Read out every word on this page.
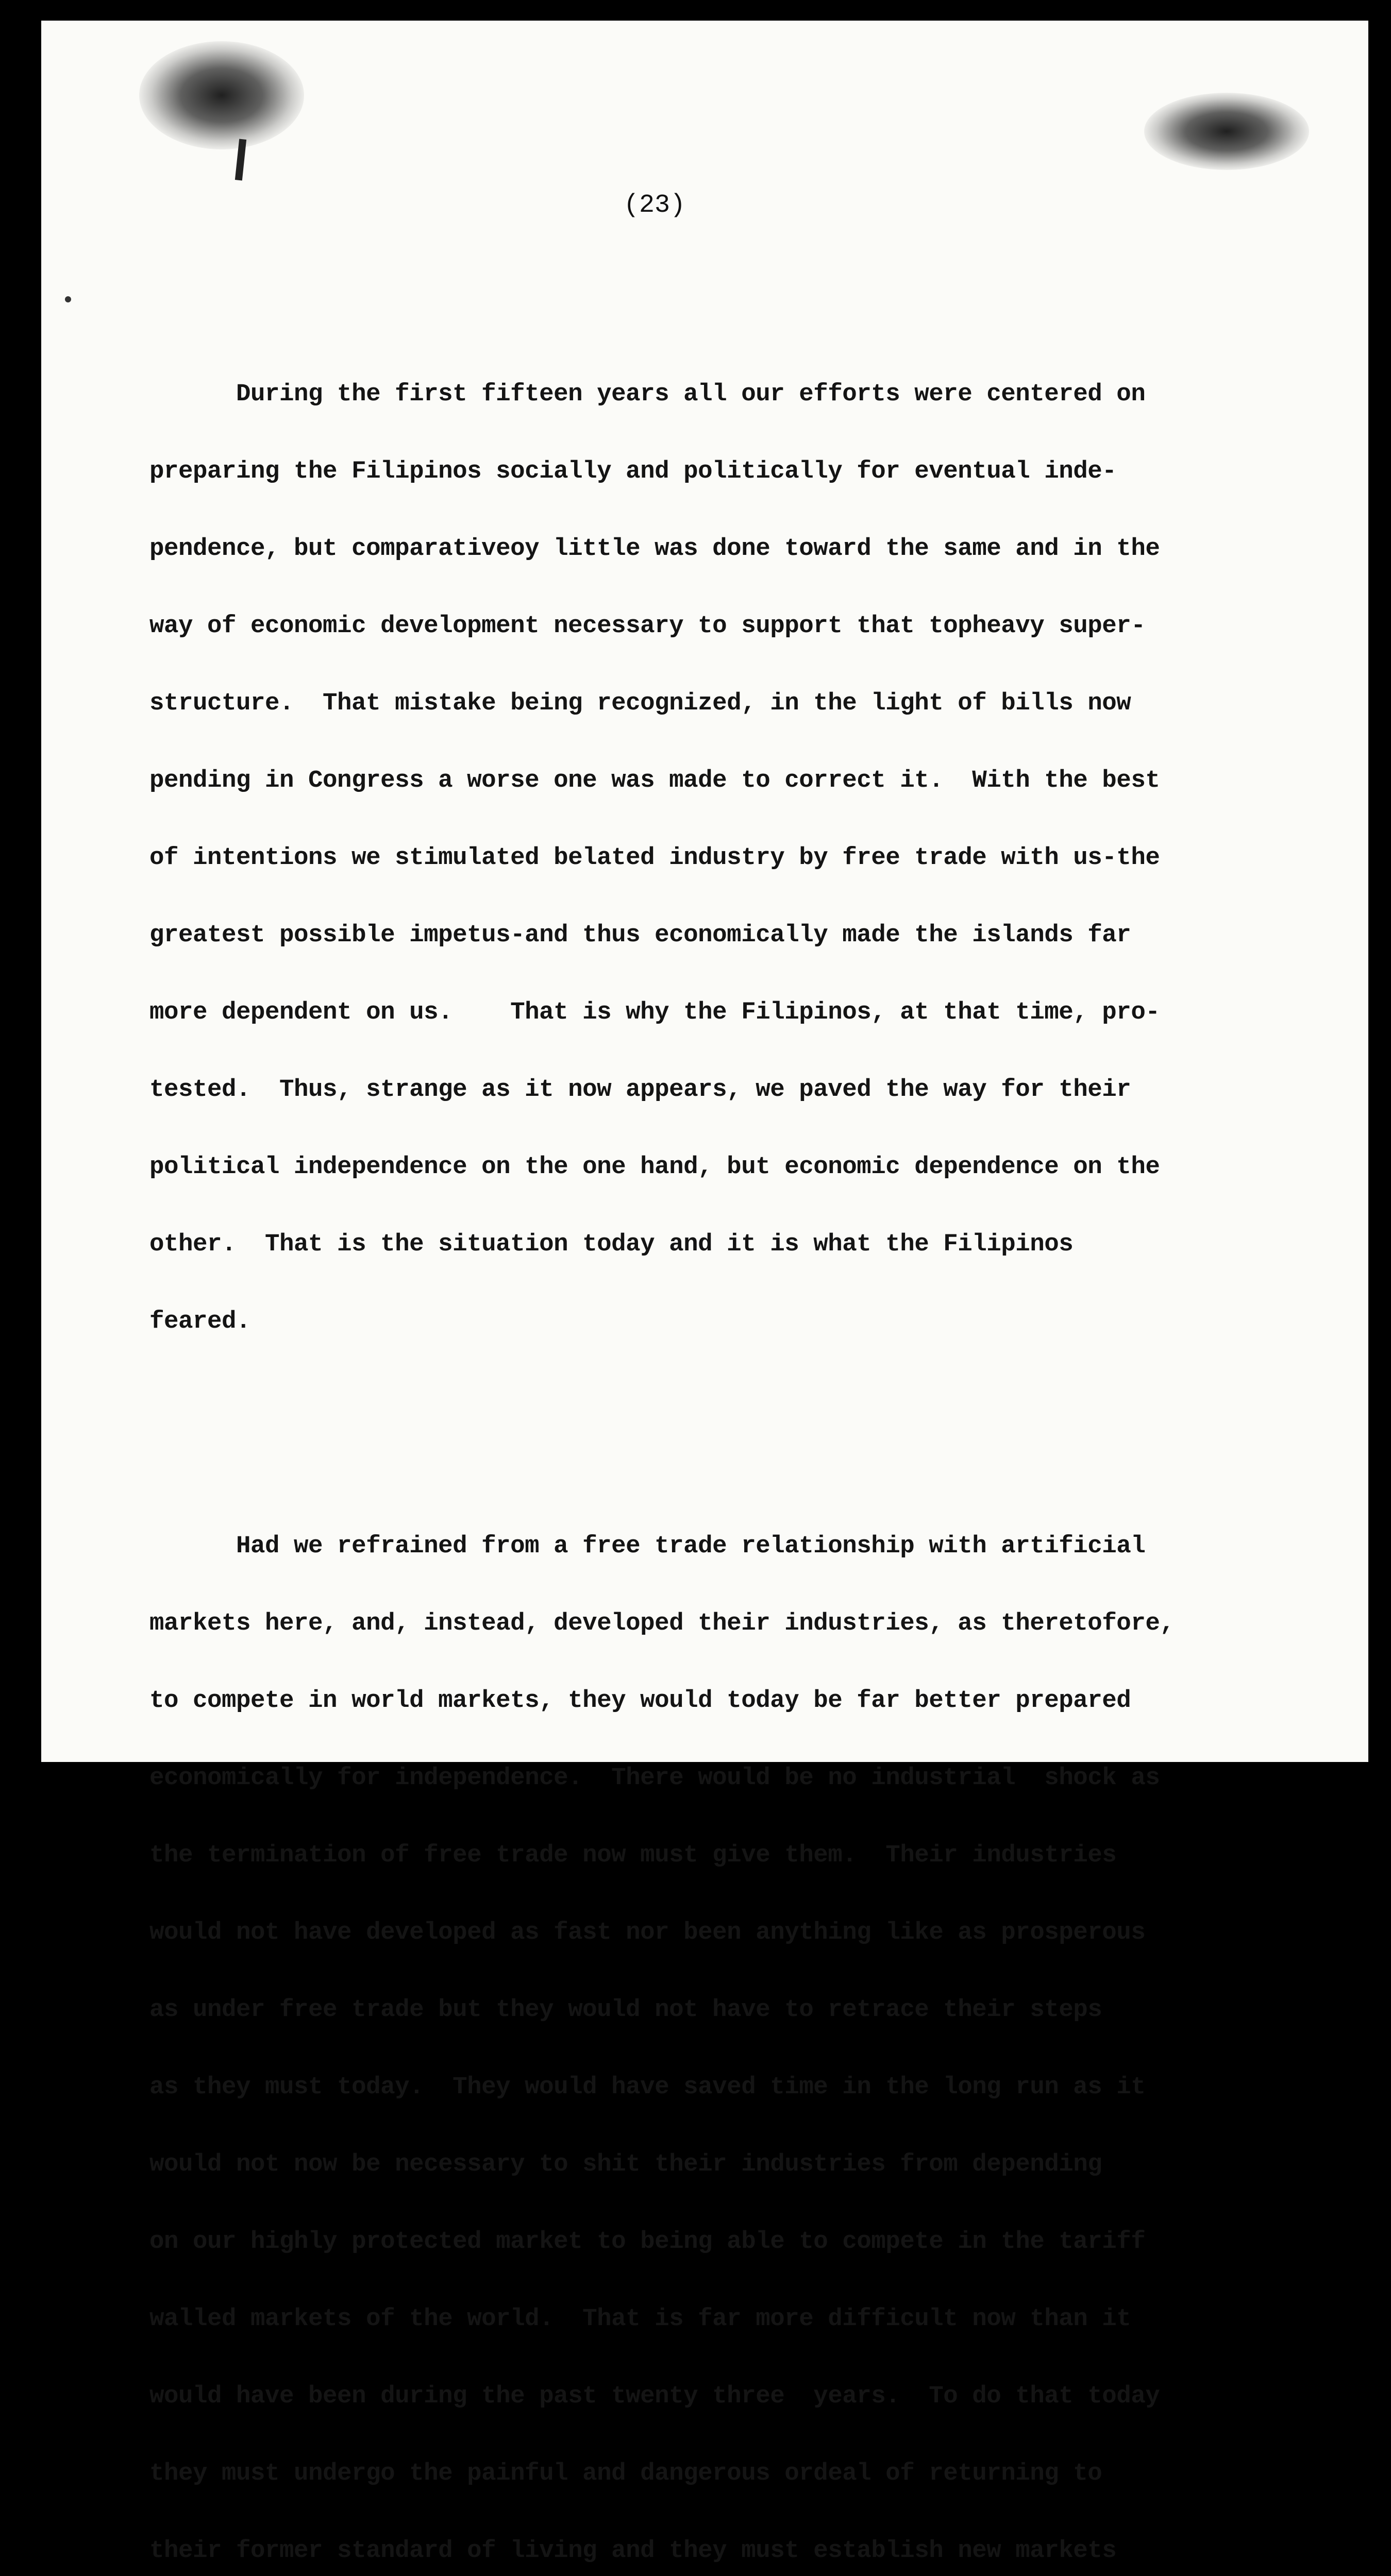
(23)

During the first fifteen years all our efforts were centered on

preparing the Filipinos socially and politically for eventual inde-

pendence, but comparativeoy little was done toward the same and in the

way of economic development necessary to support that topheavy super-

structure.  That mistake being recognized, in the light of bills now

pending in Congress a worse one was made to correct it.  With the best

of intentions we stimulated belated industry by free trade with us-the

greatest possible impetus-and thus economically made the islands far

more dependent on us.    That is why the Filipinos, at that time, pro-

tested.  Thus, strange as it now appears, we paved the way for their

political independence on the one hand, but economic dependence on the

other.  That is the situation today and it is what the Filipinos

feared.

Had we refrained from a free trade relationship with artificial

markets here, and, instead, developed their industries, as theretofore,

to compete in world markets, they would today be far better prepared

economically for independence.  There would be no industrial  shock as

the termination of free trade now must give them.  Their industries

would not have developed as fast nor been anything like as prosperous

as under free trade but they would not have to retrace their steps

as they must today.  They would have saved time in the long run as it

would not now be necessary to shit their industries from depending

on our highly protected market to being able to compete in the tariff

walled markets of the world.  That is far more difficult now than it

would have been during the past twenty three  years.  To do that today

they must undergo the painful and dangerous ordeal of returning to

their former standard of living and they must establish new markets
